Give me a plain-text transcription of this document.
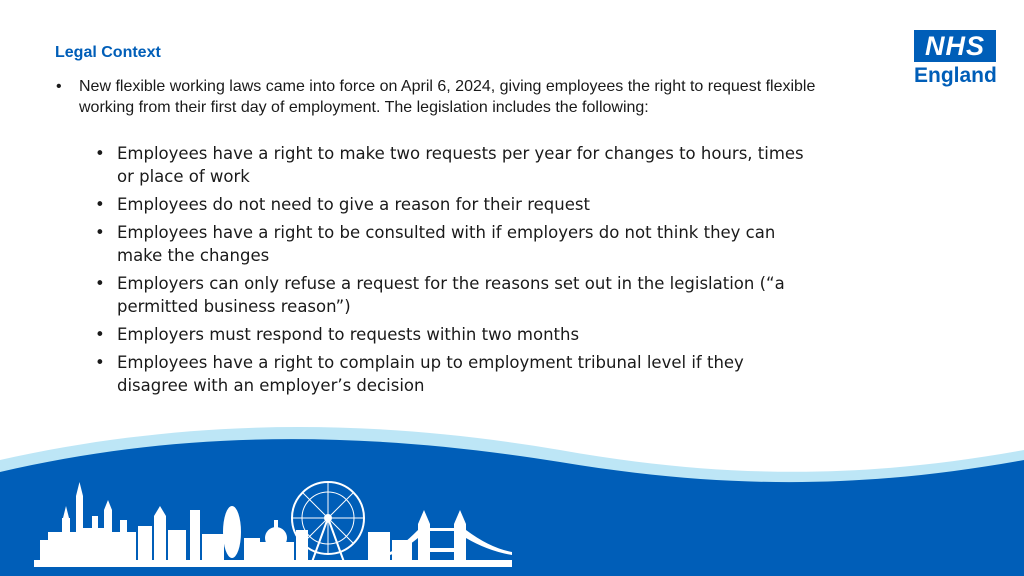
Legal Context
• New flexible working laws came into force on April 6, 2024, giving employees the right to request flexible working from their first day of employment. The legislation includes the following:
• Employees have a right to make two requests per year for changes to hours, times or place of work
• Employees do not need to give a reason for their request
• Employees have a right to be consulted with if employers do not think they can make the changes
• Employers can only refuse a request for the reasons set out in the legislation (“a permitted business reason”)
• Employers must respond to requests within two months
• Employees have a right to complain up to employment tribunal level if they disagree with an employer’s decision
NHS
England
